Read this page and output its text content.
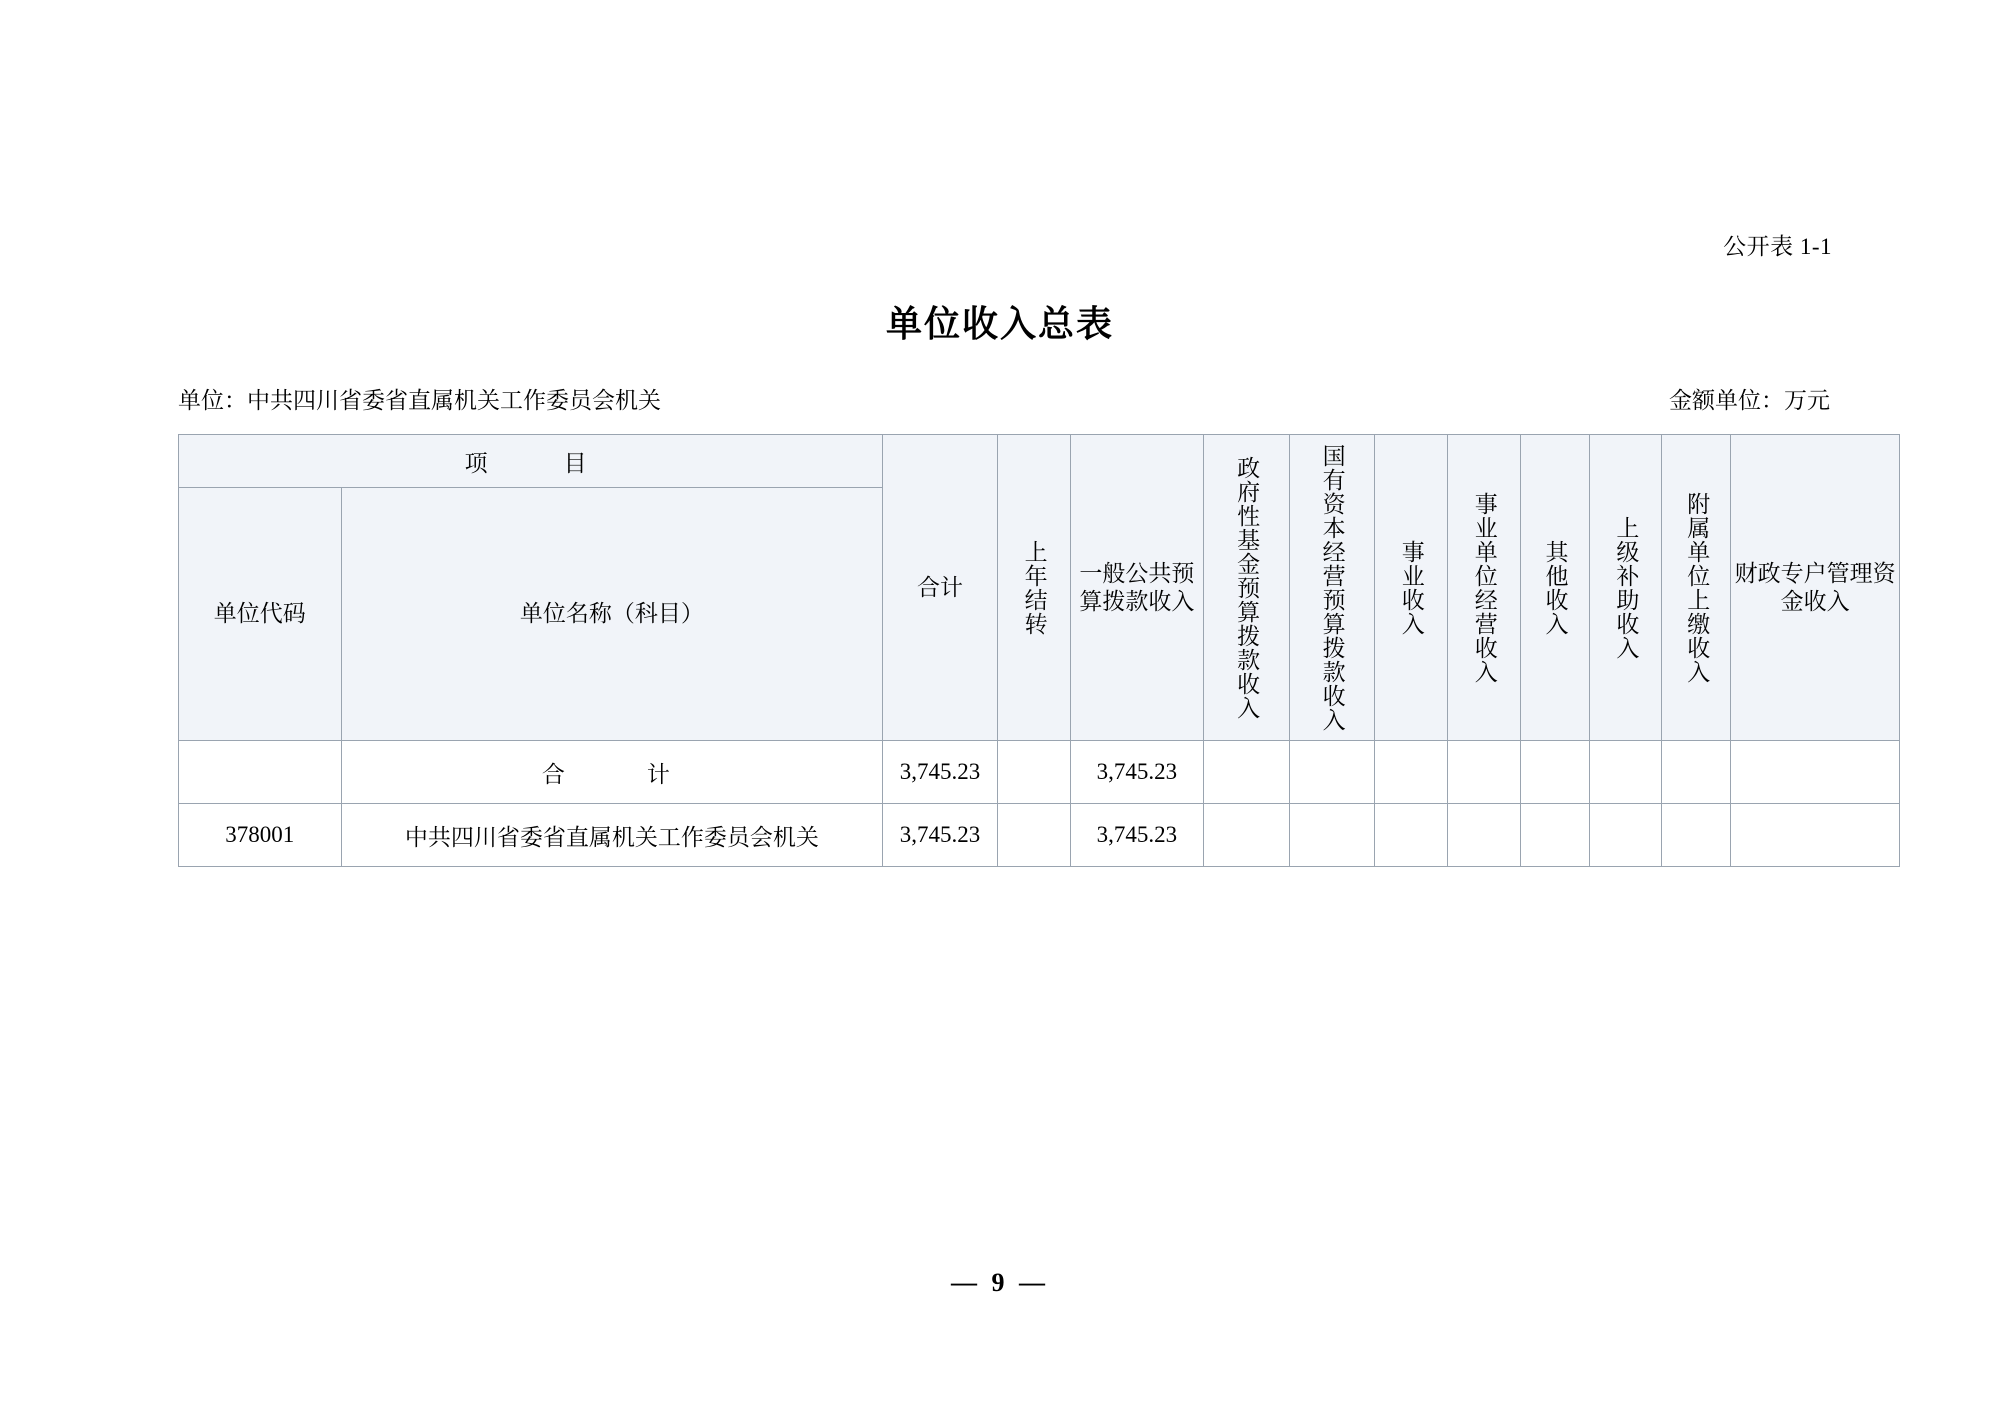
公开表 1-1
单位收入总表
单位：中共四川省委省直属机关工作委员会机关	金额单位：万元
项　　目		合计	上年结转	一般公共预算拨款收入	政府性基金预算拨款收入	国有资本经营预算拨款收入	事业收入	事业单位经营收入	其他收入	上级补助收入	附属单位上缴收入	财政专户管理资金收入
单位代码	单位名称（科目）											
	合　　计	3,745.23		3,745.23								
378001	中共四川省委省直属机关工作委员会机关	3,745.23		3,745.23								
— 9 —
